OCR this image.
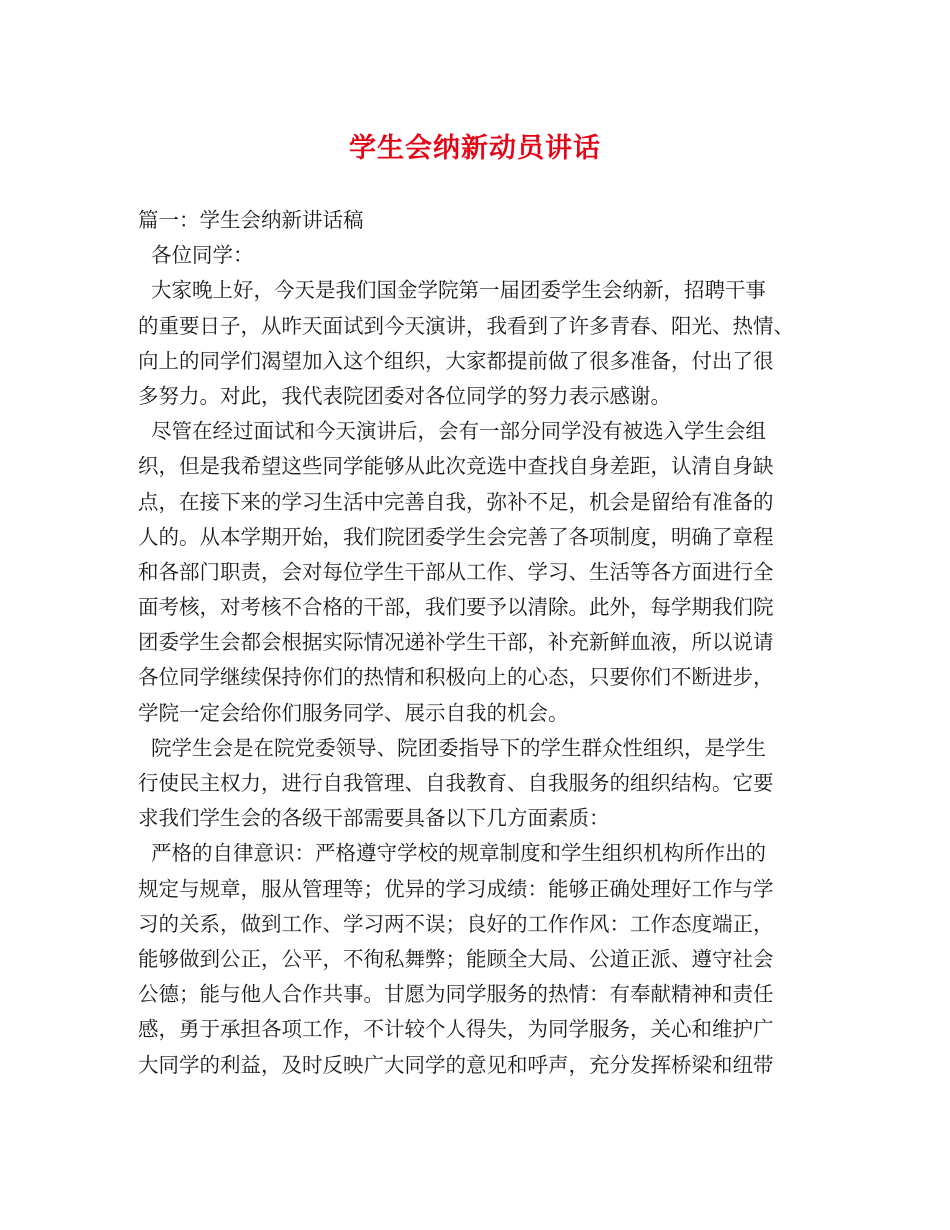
学生会纳新动员讲话
篇一：学生会纳新讲话稿
各位同学：
大家晚上好，今天是我们国金学院第一届团委学生会纳新，招聘干事
的重要日子，从昨天面试到今天演讲，我看到了许多青春、阳光、热情、
向上的同学们渴望加入这个组织，大家都提前做了很多准备，付出了很
多努力。对此，我代表院团委对各位同学的努力表示感谢。
尽管在经过面试和今天演讲后，会有一部分同学没有被选入学生会组
织，但是我希望这些同学能够从此次竞选中查找自身差距，认清自身缺
点，在接下来的学习生活中完善自我，弥补不足，机会是留给有准备的
人的。从本学期开始，我们院团委学生会完善了各项制度，明确了章程
和各部门职责，会对每位学生干部从工作、学习、生活等各方面进行全
面考核，对考核不合格的干部，我们要予以清除。此外，每学期我们院
团委学生会都会根据实际情况递补学生干部，补充新鲜血液，所以说请
各位同学继续保持你们的热情和积极向上的心态，只要你们不断进步，
学院一定会给你们服务同学、展示自我的机会。
院学生会是在院党委领导、院团委指导下的学生群众性组织，是学生
行使民主权力，进行自我管理、自我教育、自我服务的组织结构。它要
求我们学生会的各级干部需要具备以下几方面素质：
严格的自律意识：严格遵守学校的规章制度和学生组织机构所作出的
规定与规章，服从管理等；优异的学习成绩：能够正确处理好工作与学
习的关系，做到工作、学习两不误；良好的工作作风：工作态度端正，
能够做到公正，公平，不徇私舞弊；能顾全大局、公道正派、遵守社会
公德；能与他人合作共事。甘愿为同学服务的热情：有奉献精神和责任
感，勇于承担各项工作，不计较个人得失，为同学服务，关心和维护广
大同学的利益，及时反映广大同学的意见和呼声，充分发挥桥梁和纽带
